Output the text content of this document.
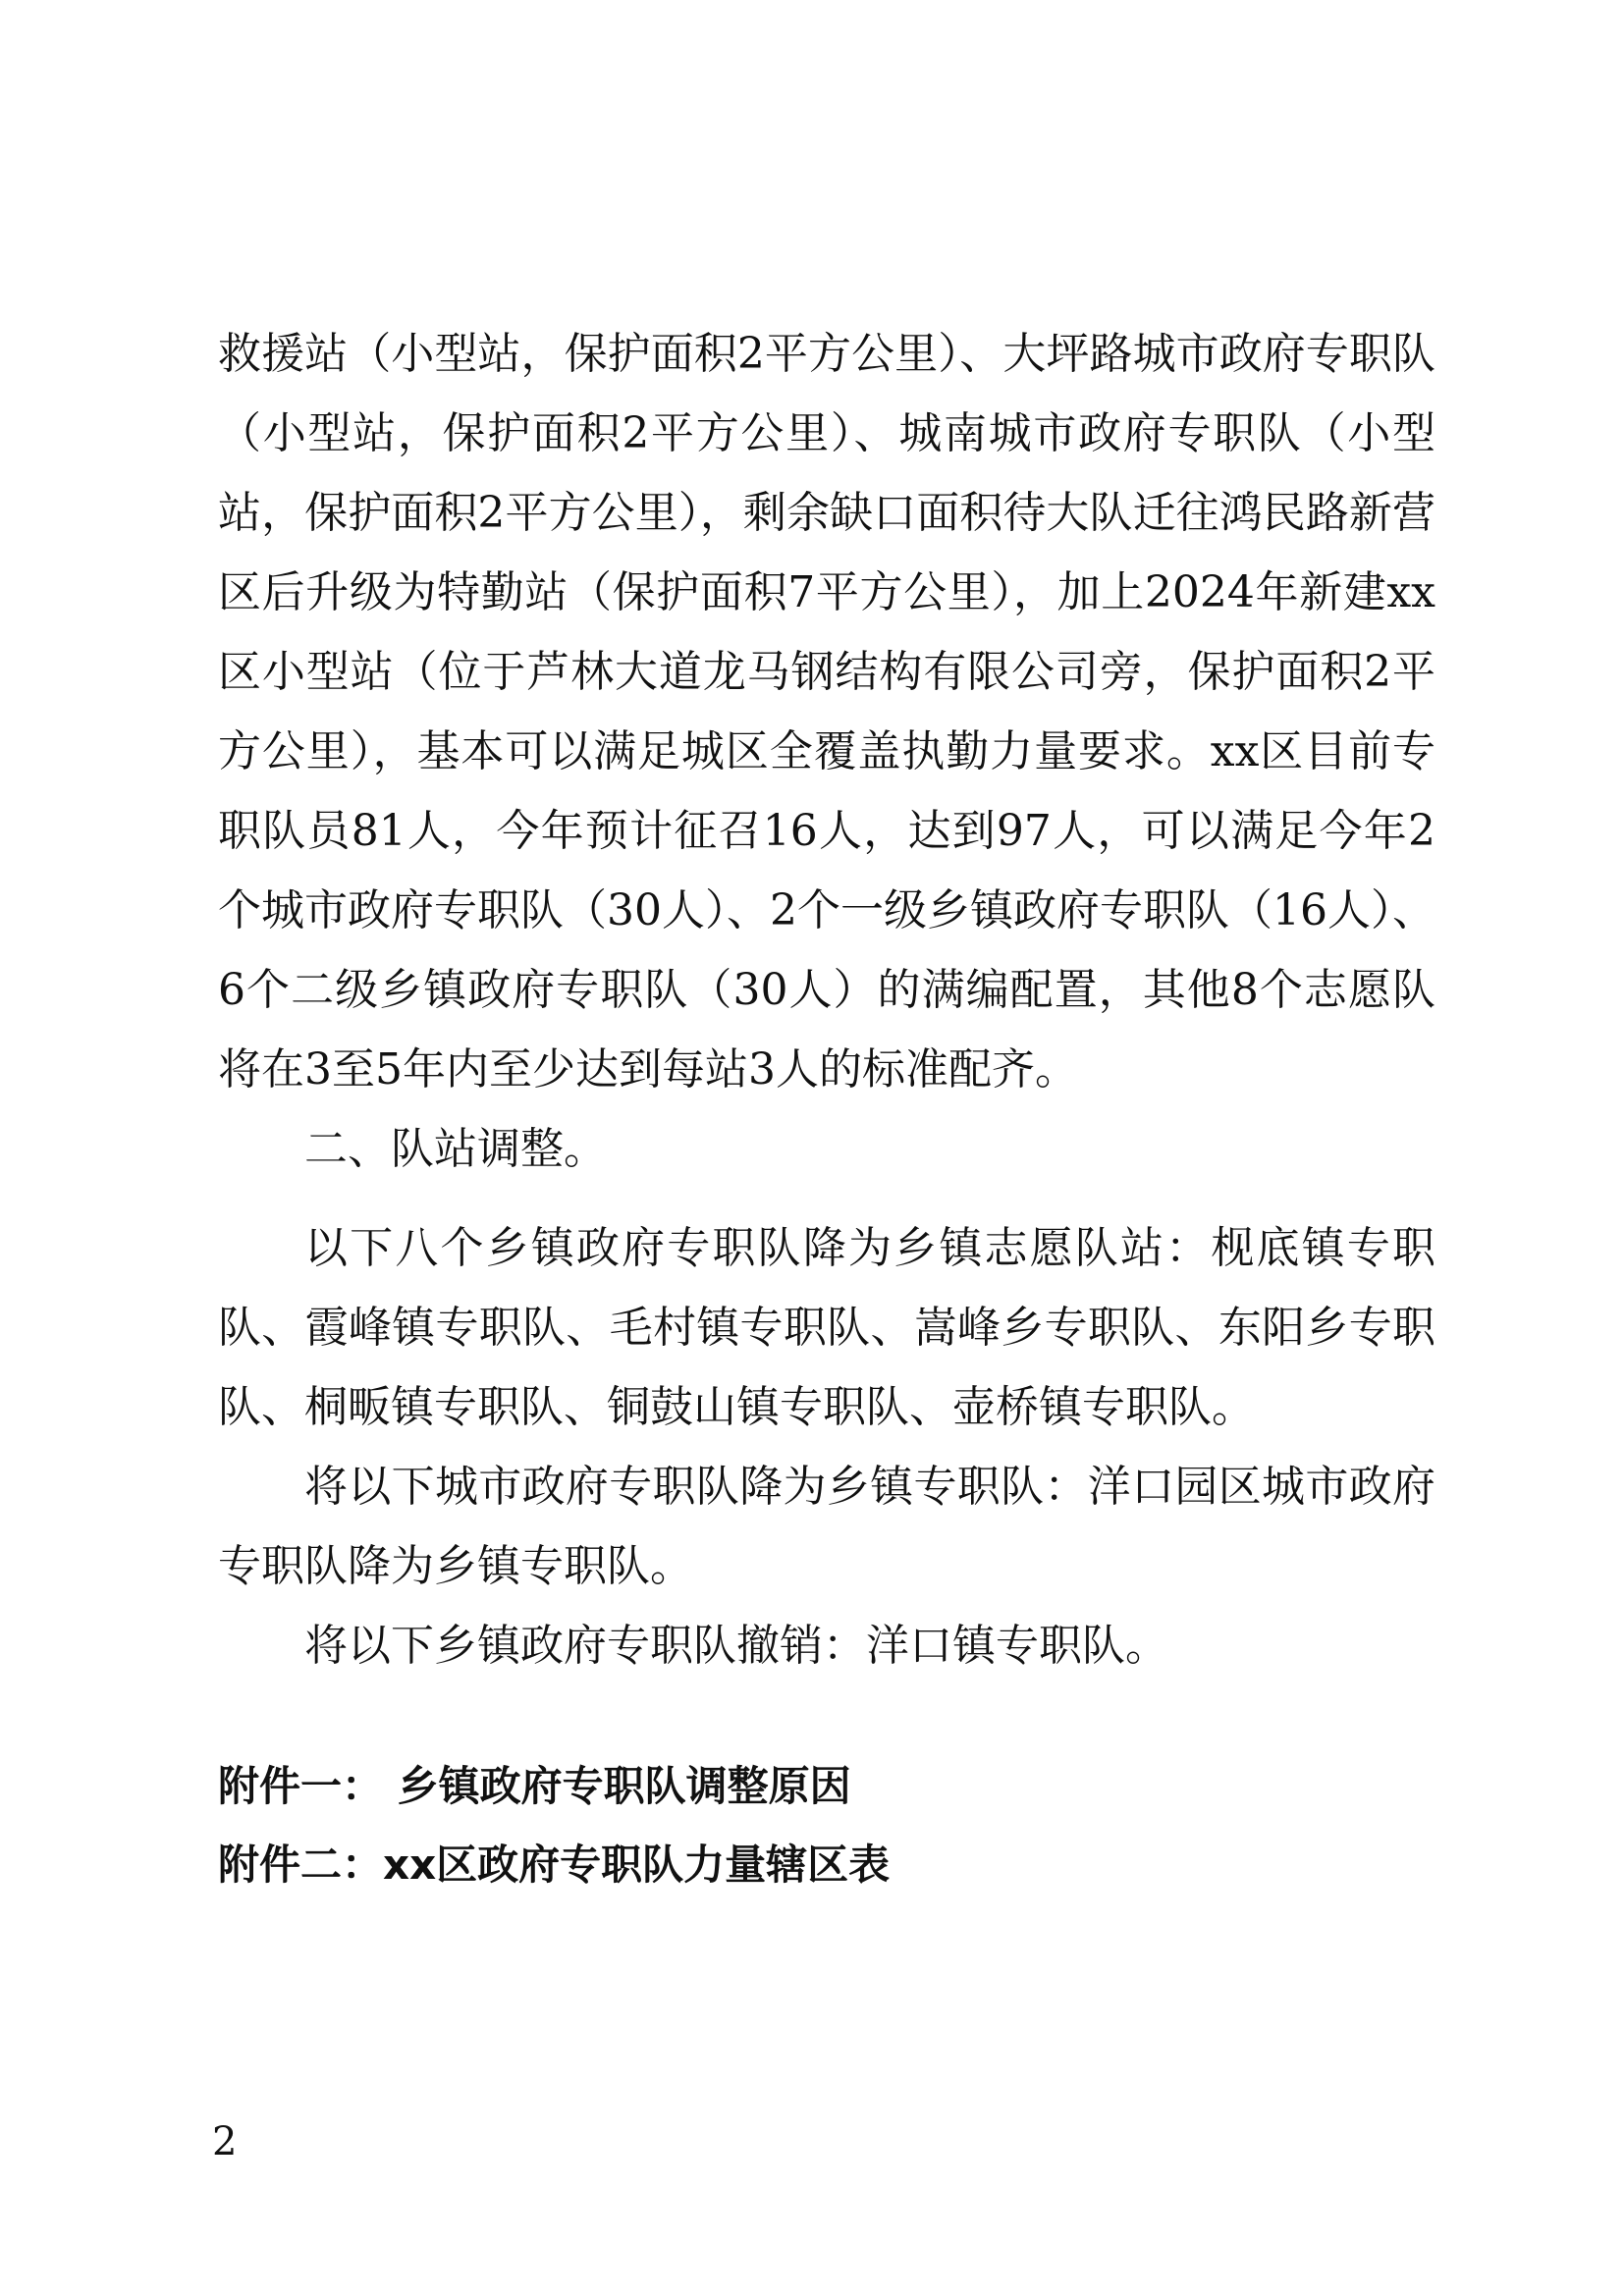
救援站（小型站，保护面积2平方公里）、大坪路城市政府专职队（小型站，保护面积2平方公里）、城南城市政府专职队（小型站，保护面积2平方公里），剩余缺口面积待大队迁往鸿民路新营区后升级为特勤站（保护面积7平方公里），加上2024年新建xx区小型站（位于芦林大道龙马钢结构有限公司旁，保护面积2平方公里），基本可以满足城区全覆盖执勤力量要求。xx区目前专职队员81人，今年预计征召16人，达到97人，可以满足今年2个城市政府专职队（30人）、2个一级乡镇政府专职队（16人）、6个二级乡镇政府专职队（30人）的满编配置，其他8个志愿队将在3至5年内至少达到每站3人的标准配齐。

二、队站调整。

以下八个乡镇政府专职队降为乡镇志愿队站：枧底镇专职队、霞峰镇专职队、毛村镇专职队、嵩峰乡专职队、东阳乡专职队、桐畈镇专职队、铜鼓山镇专职队、壶桥镇专职队。

将以下城市政府专职队降为乡镇专职队：洋口园区城市政府专职队降为乡镇专职队。

将以下乡镇政府专职队撤销：洋口镇专职队。

附件一： 乡镇政府专职队调整原因

附件二：xx区政府专职队力量辖区表

2
